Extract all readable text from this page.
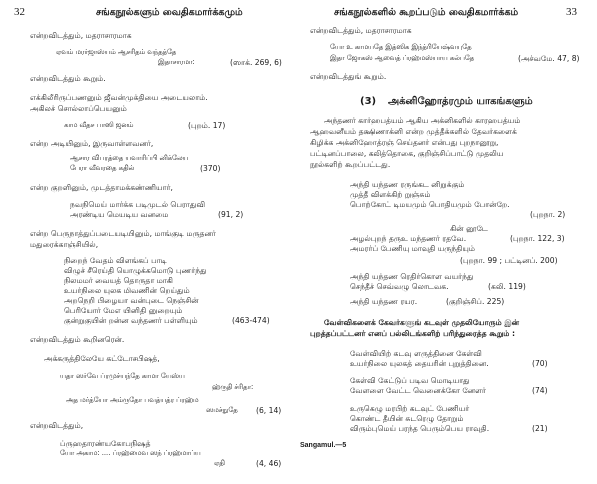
32	சங்கநூல்களும் வைதிகமார்க்கமும்
என்றவிடத்தும், மதராசாரமாக
ஏவம் மரர்ஜாஸ்யம் ஆசரிதம் வந்தத்தே
இதாசாரமா:	(ஸாக். 269, 6)
என்றவிடத்தும் கூறும்.
எக்கிலீரிருப்பணனும் ஜீவன்முக்தியை அடையலாம்.
அகிலச் சொல்லாப்பெயனும்
காம வீதச பாஸி ஜனம்	(புறம். 17)
என்ற அடியினும், இருவாள்ளவனர்,
ஆசார விபரத்தை யவாரிப்பி னிக்லேய
பேரா வீவரதை கதில்	(370)
என்ற குறளினும், முடத்தாமக்கண்ணியார்,
நவநிமெய் மார்க்க படிமுடல் பெராதுவி
அரண்டிய மெயடிய வனமை	(91, 2)
என்ற பெருநாத்துப்படையடியினும், மாங்குடி மருதனர்
மதுரைக்காஞ்சியில்,
நிறைந் வேதம் விளங்கப் பாடி
விழுச் சீரெய்தி யொழுக்கமொடு புணர்ந்து
நிலமமர் வையத் தொருதா மாகி
உயர்நிலை யுலக மிவணின் றெய்தும்
அறநெறி பிழையா வன்புடை நெஞ்சின்
பெரியோர் மேஎ யினிதி னுறையும்
குன்றுகுயின் றன்ன வந்தணர் பள்ளியும்	(463-474)
என்றவிடத்தும் கூறினரென்.
அக்கருத்திலேயே கட்டோசபிஷத்,
யதா ஸர்வே ப்ரமுச்யந்தே காமா யேஸ்ய
ஹ்ருதி ச்ரிதா:
அத மர்த்யோ அம்ருதோ பவத்யத்ர ப்ரஹ்ம
ஸமச்நுதே (6, 14)
என்றவிடத்தும்,
ப்ருஹதாரண்யகோபநிஷத்
யோ அகாம: .... ப்ரஹ்மைவ ஸந் ப்ரஹ்மாப்ய
ஏதி	(4, 46)
சங்கநூல்களில் கூறப்படும் வைதிகமார்க்கம்	33
என்றவிடத்தும், மதராசாரமாக
யோ உ காமயதே இத்ஸிக இந்த்ரியேஷ்வயுதே
இதா ஜோகஸ் ஆவைத் ப்ரஹ்மஸ்யாய கல்பதே	(அச்வமே. 47, 8)
என்றவிடத்துங் கூறும்.
(3) அக்னிஹோத்ரமும் யாகங்களும்
அந்தணர் கார்ஹபத்யம் ஆகிய அக்னிகளில் காரஹபத்யம்
ஆஹவனீயம் தக்ஷிணாக்னி என்ற முத்தீக்களில் தேவர்களைக்
கிழிக்க அக்னிஹோத்ரஞ் செய்தனர் என்பது புறநானூறு,
பட்டினப்பாலை, கலித்தொகை, குறிஞ்சிப்பாட்டு முதலிய
நூல்களிற் கூறப்பட்டது.
அந்தி யந்தண ரருங்கட னிறுக்கும்
முத்தீ விளக்கிற் றுஞ்சும்
பொற்கோட் டிமயமும் பொதியமும் போன்றே.
(புறநா. 2)
கின் னூடே
அழல்புறந் தருஉ மந்தணர் ரதவே.	(புறநா. 122, 3)
அமரர்ப் பேணியு மாவுதி யருந்தியும்
(புறநா. 99 ; பட்டினப். 200)
அந்தி யந்தண ரெதிர்கொள வயர்ந்து
செந்தீச் செவ்வழு லொடவக.	(கலி. 119)
அந்தி யந்தண ரயர.	(குறிஞ்சிப். 225)
வேள்விகளைக் கேவர்களுங் கடவுள் முதலியோரும் இன்
புறத்தப்பட்டனர் எனப் பல்லிடங்களிற் பரிந்துரைத்த கூறும் :
வேள்வியிற் கடவு ளருத்தினை கேள்வி
உயர்நிலை யுலகத் தையரின் புறுத்தினை.	(70)
கேள்வி கேட்டுப் படிவ மொடியாது
வேளளை வேட்ட வெனைக்கோ னேளர்	(74)
உருகெழு மரபிற் கடவுட் பேணியர்
கொண்ட தீயின் சுடரெழு தோறும்
விரும்புமெய் பரந்த பெரும்பெய ராவுதி.	(21)
Sangamul.—5
